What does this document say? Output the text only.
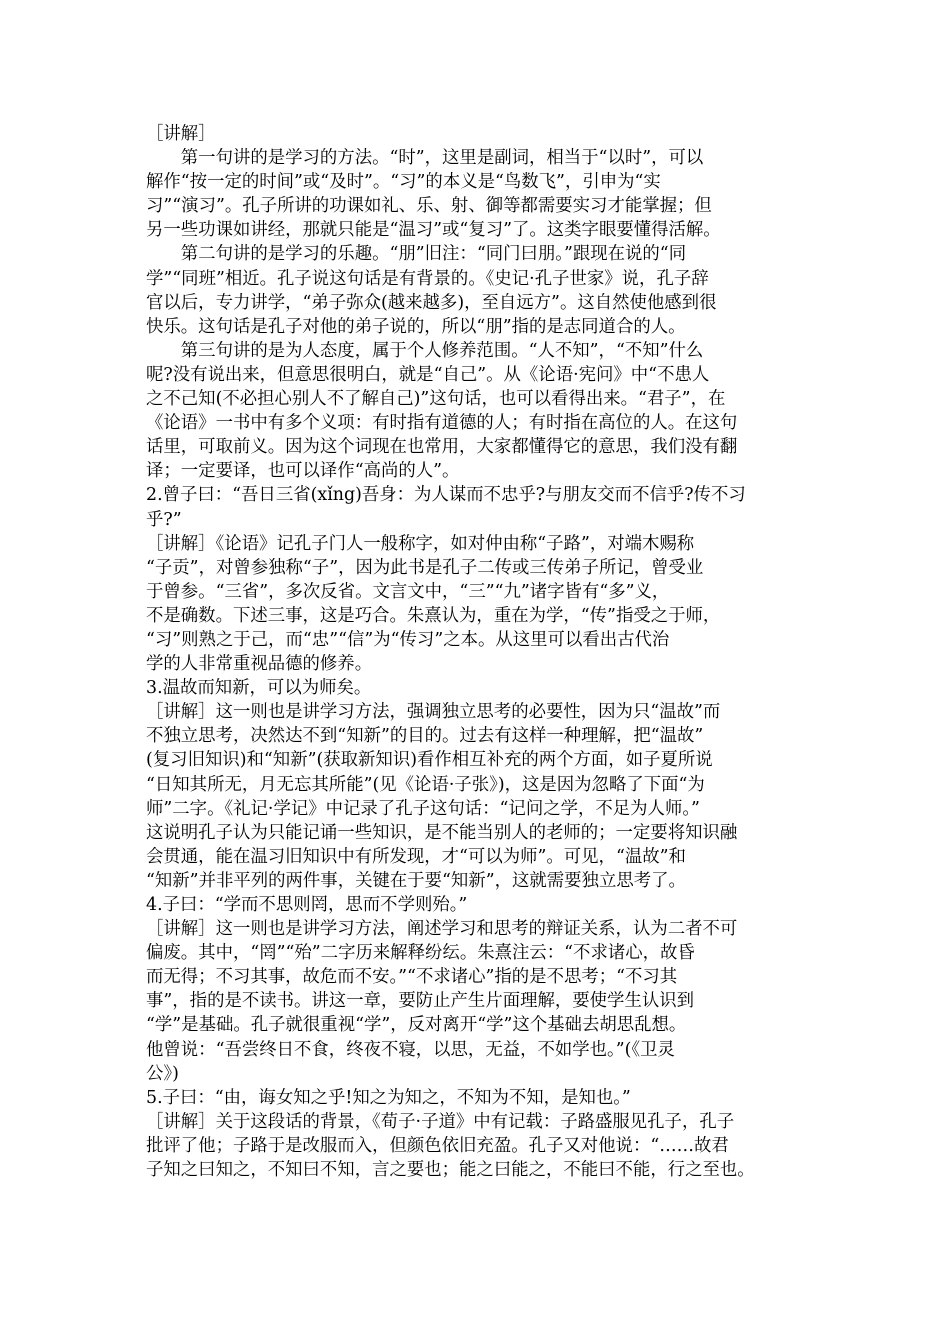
［讲解］
　　第一句讲的是学习的方法。“时”，这里是副词，相当于“以时”，可以
解作“按一定的时间”或“及时”。“习”的本义是“鸟数飞”，引申为“实
习”“演习”。孔子所讲的功课如礼、乐、射、御等都需要实习才能掌握；但
另一些功课如讲经，那就只能是“温习”或“复习”了。这类字眼要懂得活解。
　　第二句讲的是学习的乐趣。“朋”旧注：“同门曰朋。”跟现在说的“同
学”“同班”相近。孔子说这句话是有背景的。《史记·孔子世家》说，孔子辞
官以后，专力讲学，“弟子弥众(越来越多)，至自远方”。这自然使他感到很
快乐。这句话是孔子对他的弟子说的，所以“朋”指的是志同道合的人。
　　第三句讲的是为人态度，属于个人修养范围。“人不知”，“不知”什么
呢?没有说出来，但意思很明白，就是“自己”。从《论语·宪问》中“不患人
之不己知(不必担心别人不了解自己)”这句话，也可以看得出来。“君子”，在
《论语》一书中有多个义项：有时指有道德的人；有时指在高位的人。在这句
话里，可取前义。因为这个词现在也常用，大家都懂得它的意思，我们没有翻
译；一定要译，也可以译作“高尚的人”。
2.曾子曰：“吾日三省(xǐng)吾身：为人谋而不忠乎?与朋友交而不信乎?传不习
乎?”
［讲解］《论语》记孔子门人一般称字，如对仲由称“子路”，对端木赐称
“子贡”，对曾参独称“子”，因为此书是孔子二传或三传弟子所记，曾受业
于曾参。“三省”，多次反省。文言文中，“三”“九”诸字皆有“多”义，
不是确数。下述三事，这是巧合。朱熹认为，重在为学，“传”指受之于师，
“习”则熟之于己，而“忠”“信”为“传习”之本。从这里可以看出古代治
学的人非常重视品德的修养。
3.温故而知新，可以为师矣。
［讲解］这一则也是讲学习方法，强调独立思考的必要性，因为只“温故”而
不独立思考，决然达不到“知新”的目的。过去有这样一种理解，把“温故”
(复习旧知识)和“知新”(获取新知识)看作相互补充的两个方面，如子夏所说
“日知其所无，月无忘其所能”(见《论语·子张》)，这是因为忽略了下面“为
师”二字。《礼记·学记》中记录了孔子这句话：“记问之学，不足为人师。”
这说明孔子认为只能记诵一些知识，是不能当别人的老师的；一定要将知识融
会贯通，能在温习旧知识中有所发现，才“可以为师”。可见，“温故”和
“知新”并非平列的两件事，关键在于要“知新”，这就需要独立思考了。
4.子曰：“学而不思则罔，思而不学则殆。”
［讲解］这一则也是讲学习方法，阐述学习和思考的辩证关系，认为二者不可
偏废。其中，“罔”“殆”二字历来解释纷纭。朱熹注云：“不求诸心，故昏
而无得；不习其事，故危而不安。”“不求诸心”指的是不思考；“不习其
事”，指的是不读书。讲这一章，要防止产生片面理解，要使学生认识到
“学”是基础。孔子就很重视“学”，反对离开“学”这个基础去胡思乱想。
他曾说：“吾尝终日不食，终夜不寝，以思，无益，不如学也。”(《卫灵
公》)
5.子曰：“由，诲女知之乎!知之为知之，不知为不知，是知也。”
［讲解］关于这段话的背景，《荀子·子道》中有记载：子路盛服见孔子，孔子
批评了他；子路于是改服而入，但颜色依旧充盈。孔子又对他说：“……故君
子知之曰知之，不知曰不知，言之要也；能之曰能之，不能曰不能，行之至也。
